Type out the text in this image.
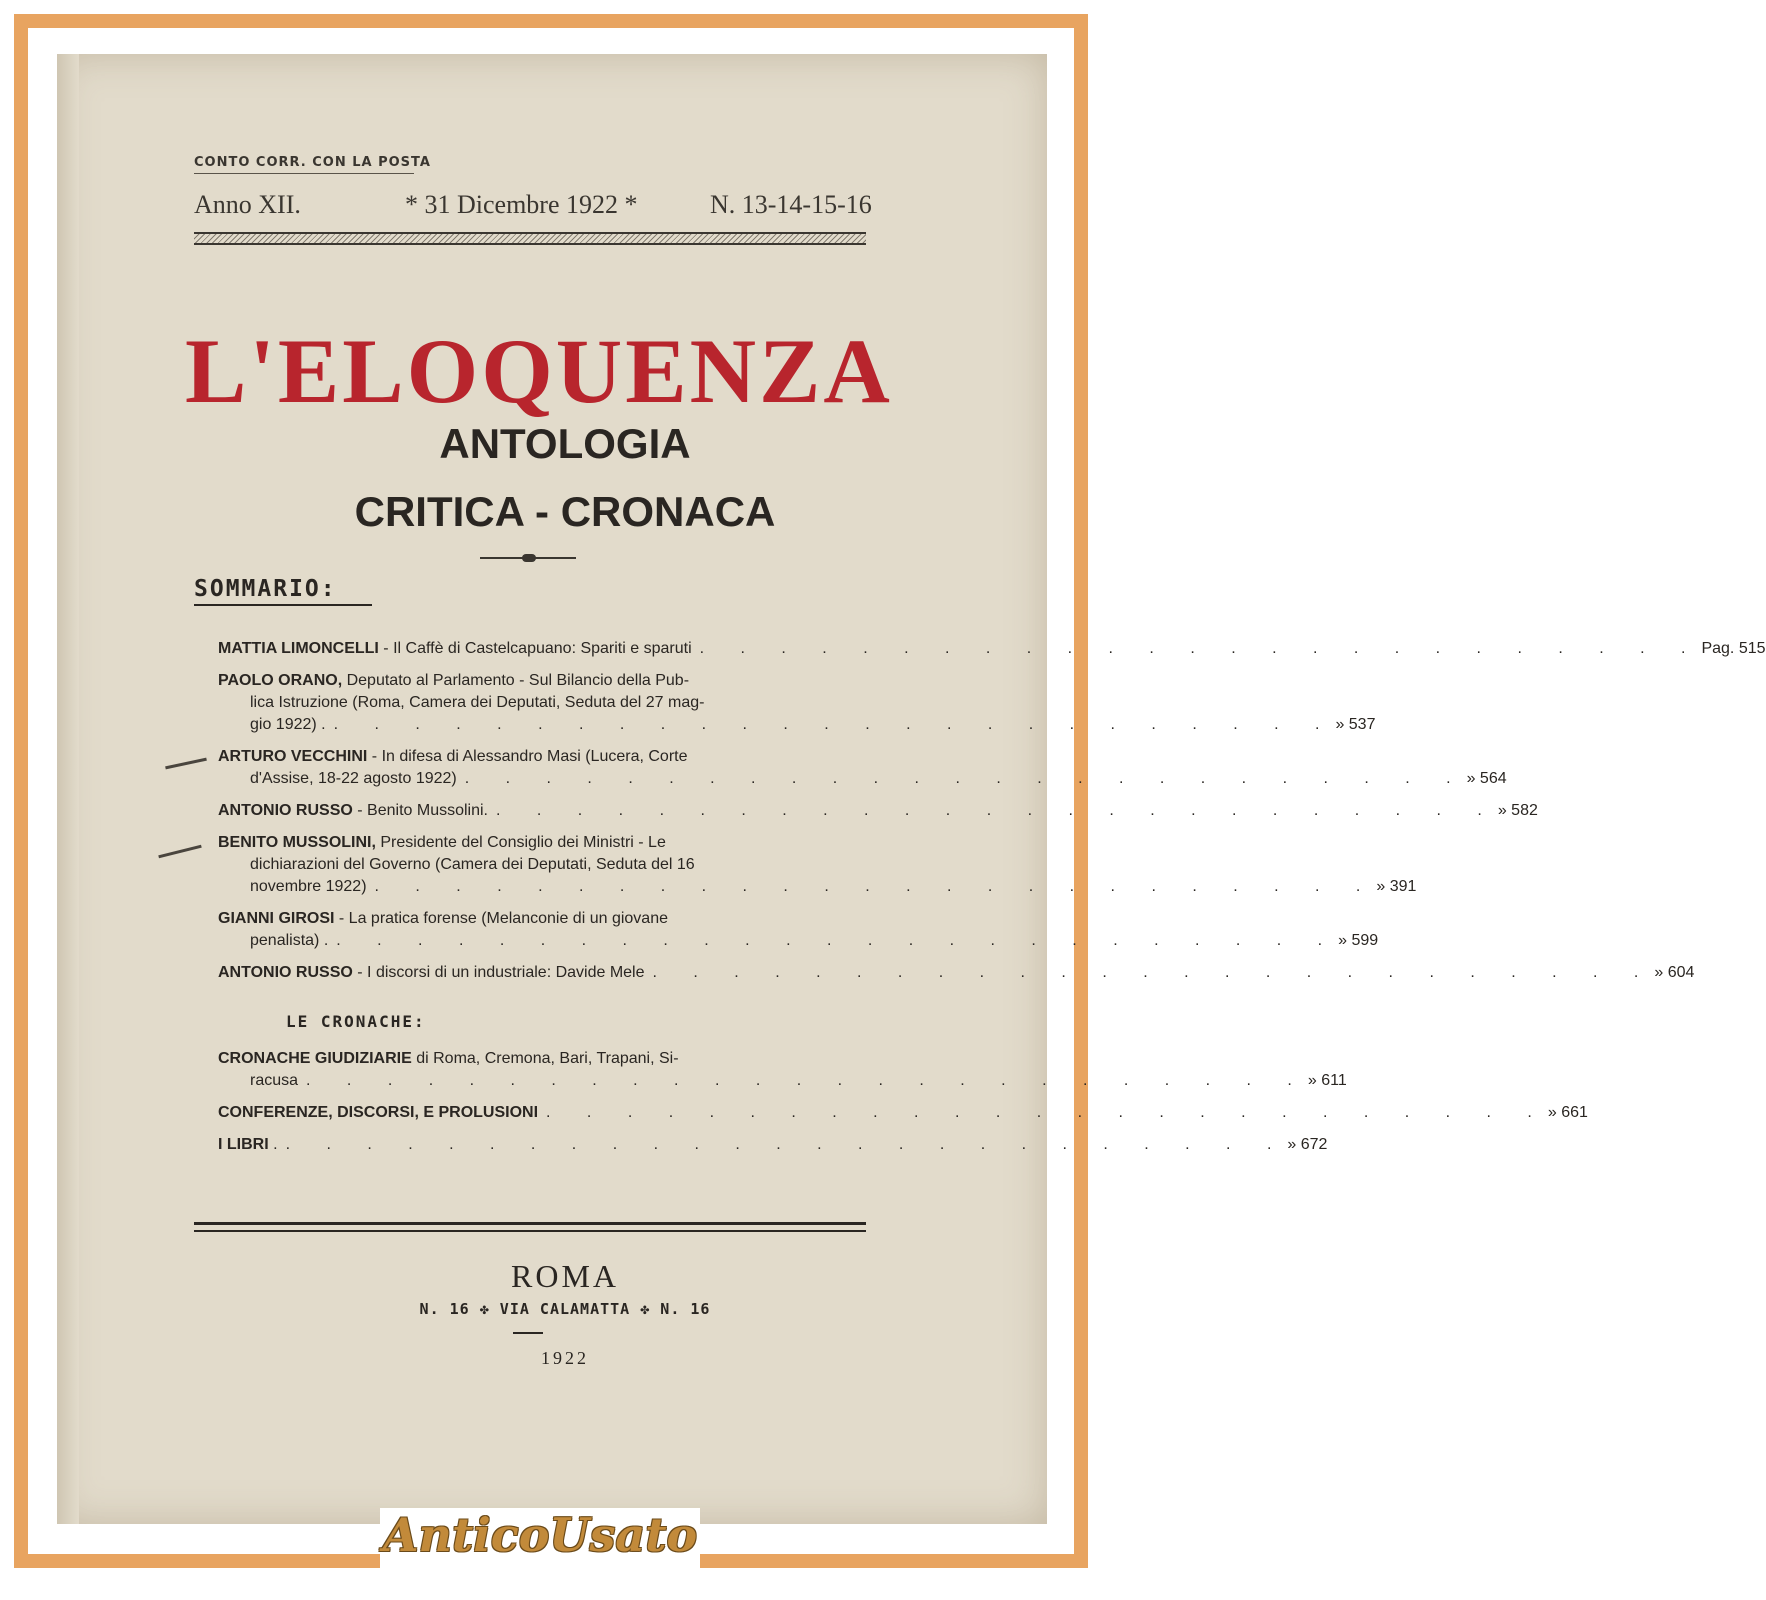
CONTO CORR. CON LA POSTA
Anno XII.	* 31 Dicembre 1922 *	N. 13-14-15-16
L'ELOQUENZA
ANTOLOGIA
CRITICA - CRONACA
SOMMARIO:
MATTIA LIMONCELLI - Il Caffè di Castelcapuano: Spariti e sparuti . . . . . . . . . . . . . . . . . . . . . . . . . Pag. 515
PAOLO ORANO, Deputato al Parlamento - Sul Bilancio della Pub-
lica Istruzione (Roma, Camera dei Deputati, Seduta del 27 mag-
gio 1922) . . . . . . . . . . . . . . . . . . . . . . . . . . » 537
ARTURO VECCHINI - In difesa di Alessandro Masi (Lucera, Corte
d'Assise, 18-22 agosto 1922) . . . . . . . . . . . . . . . . . . . . . . . . . » 564
ANTONIO RUSSO - Benito Mussolini. . . . . . . . . . . . . . . . . . . . . . . . . . » 582
BENITO MUSSOLINI, Presidente del Consiglio dei Ministri - Le
dichiarazioni del Governo (Camera dei Deputati, Seduta del 16
novembre 1922) . . . . . . . . . . . . . . . . . . . . . . . . . » 391
GIANNI GIROSI - La pratica forense (Melanconie di un giovane
penalista) . . . . . . . . . . . . . . . . . . . . . . . . . . » 599
ANTONIO RUSSO - I discorsi di un industriale: Davide Mele . . . . . . . . . . . . . . . . . . . . . . . . . » 604
LE CRONACHE:
CRONACHE GIUDIZIARIE di Roma, Cremona, Bari, Trapani, Si-
racusa . . . . . . . . . . . . . . . . . . . . . . . . . » 611
CONFERENZE, DISCORSI, E PROLUSIONI . . . . . . . . . . . . . . . . . . . . . . . . . » 661
I LIBRI . . . . . . . . . . . . . . . . . . . . . . . . . . » 672
ROMA
N. 16 ✤ VIA CALAMATTA ✤ N. 16
1922
AnticoUsato
